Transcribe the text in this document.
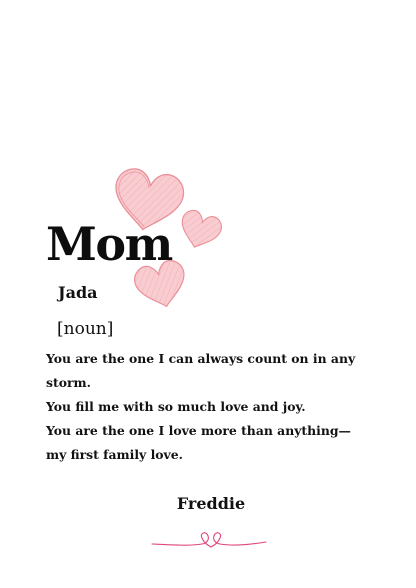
Mom
Jada
[noun]
You are the one I can always count on in any
storm.
You fill me with so much love and joy.
You are the one I love more than anything—
my first family love.
Freddie
